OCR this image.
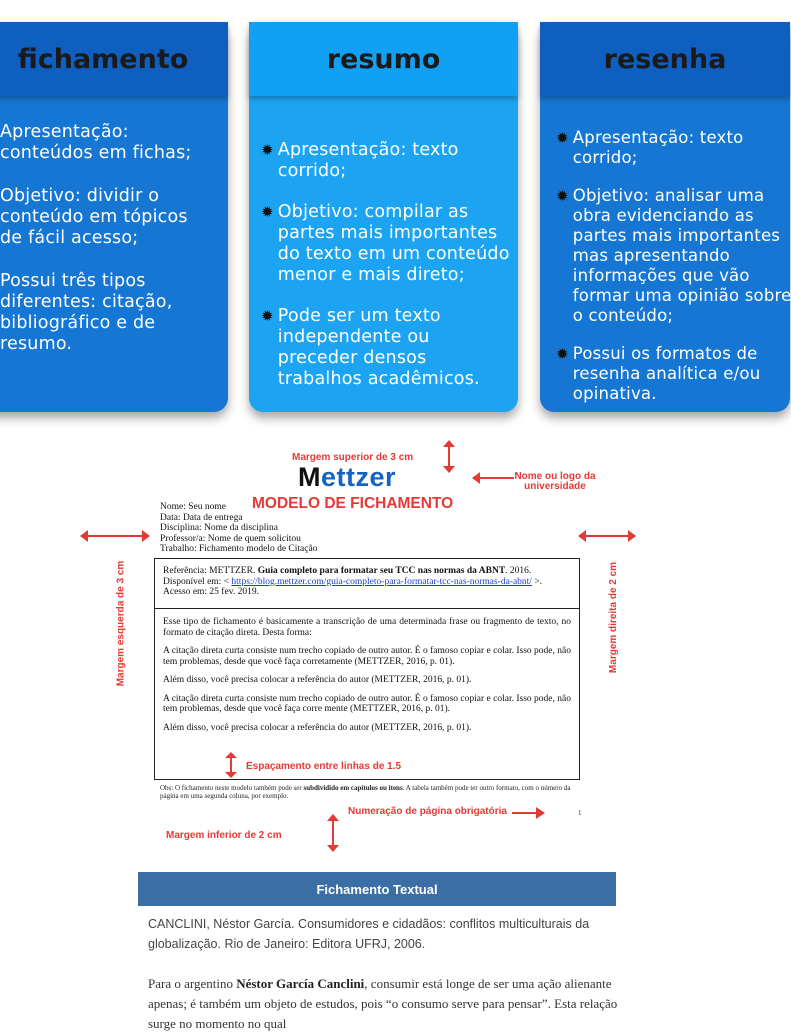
fichamento

Apresentação:
conteúdos em fichas;

Objetivo: dividir o
conteúdo em tópicos
de fácil acesso;

Possui três tipos
diferentes: citação,
bibliográfico e de
resumo.

resumo

✹ Apresentação: texto
corrido;

✹ Objetivo: compilar as
partes mais importantes
do texto em um conteúdo
menor e mais direto;

✹ Pode ser um texto
independente ou
preceder densos
trabalhos acadêmicos.

resenha

✹ Apresentação: texto
corrido;

✹ Objetivo: analisar uma
obra evidenciando as
partes mais importantes
mas apresentando
informações que vão
formar uma opinião sobre
o conteúdo;

✹ Possui os formatos de
resenha analítica e/ou
opinativa.

Margem superior de 3 cm
Mettzer	Nome ou logo da universidade
MODELO DE FICHAMENTO
Nome: Seu nome
Data: Data de entrega
Disciplina: Nome da disciplina
Professor/a: Nome de quem solicitou
Trabalho: Fichamento modelo de Citação
Margem esquerda de 3 cm	Margem direita de 2 cm
Referência: METTZER. Guia completo para formatar seu TCC nas normas da ABNT. 2016. Disponível em: < https://blog.mettzer.com/guia-completo-para-formatar-tcc-nas-normas-da-abnt/ >. Acesso em: 25 fev. 2019.

Esse tipo de fichamento é basicamente a transcrição de uma determinada frase ou fragmento de texto, no formato de citação direta. Desta forma:

A citação direta curta consiste num trecho copiado de outro autor. É o famoso copiar e colar. Isso pode, não tem problemas, desde que você faça corretamente (METTZER, 2016, p. 01).

Além disso, você precisa colocar a referência do autor (METTZER, 2016, p. 01).

A citação direta curta consiste num trecho copiado de outro autor. É o famoso copiar e colar. Isso pode, não tem problemas, desde que você faça corre mente (METTZER, 2016, p. 01).

Além disso, você precisa colocar a referência do autor (METTZER, 2016, p. 01).

Espaçamento entre linhas de 1.5
Obs: O fichamento neste modelo também pode ser subdividido em capítulos ou itens. A tabela também pode ter outro formato, com o número da página em uma segunda coluna, por exemplo.
Numeração de página obrigatória	1
Margem inferior de 2 cm
Fichamento Textual
CANCLINI, Néstor García. Consumidores e cidadãos: conflitos multiculturais da globalização. Rio de Janeiro: Editora UFRJ, 2006.
Para o argentino Néstor García Canclini, consumir está longe de ser uma ação alienante apenas; é também um objeto de estudos, pois “o consumo serve para pensar”. Esta relação surge no momento no qual
